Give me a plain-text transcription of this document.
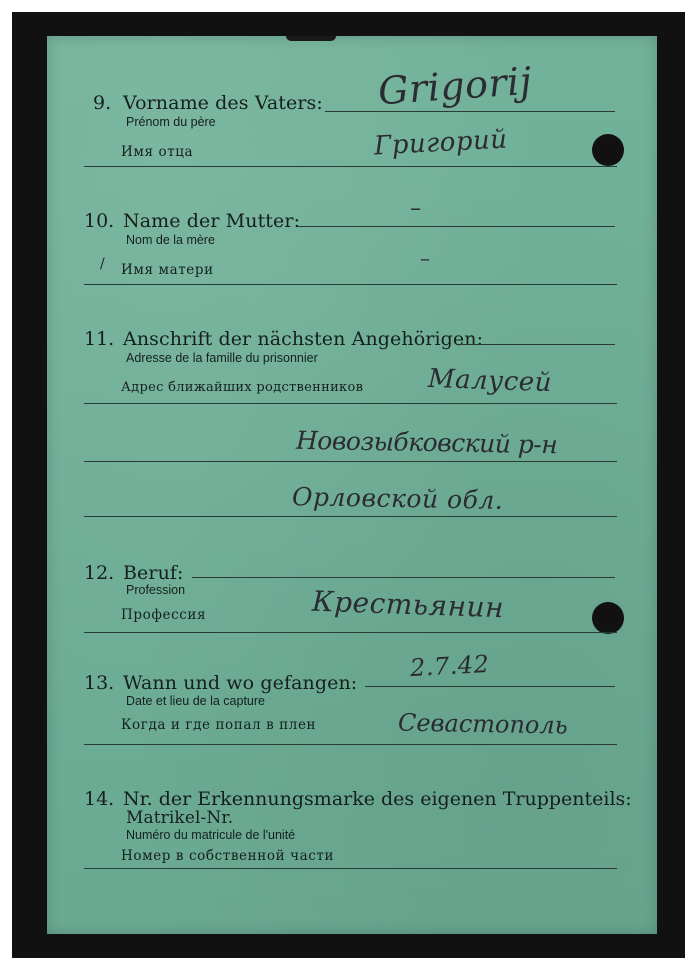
9. Vorname des Vaters:
Prénom du père
Имя отца
Grigorij
Григорий
10. Name der Mutter:
Nom de la mère
/ Имя матери
–
–
11. Anschrift der nächsten Angehörigen:
Adresse de la famille du prisonnier
Адрес ближайших родственников Малусей
Новозыбковский р-н
Орловской обл.
12. Beruf:
Profession
Профессия	Крестьянин
13. Wann und wo gefangen:
Date et lieu de la capture
Когда и где попал в плен
2.7.42
Севастополь
14. Nr. der Erkennungsmarke des eigenen Truppenteils:
Matrikel-Nr.
Numéro du matricule de l'unité
Номер в собственной части
